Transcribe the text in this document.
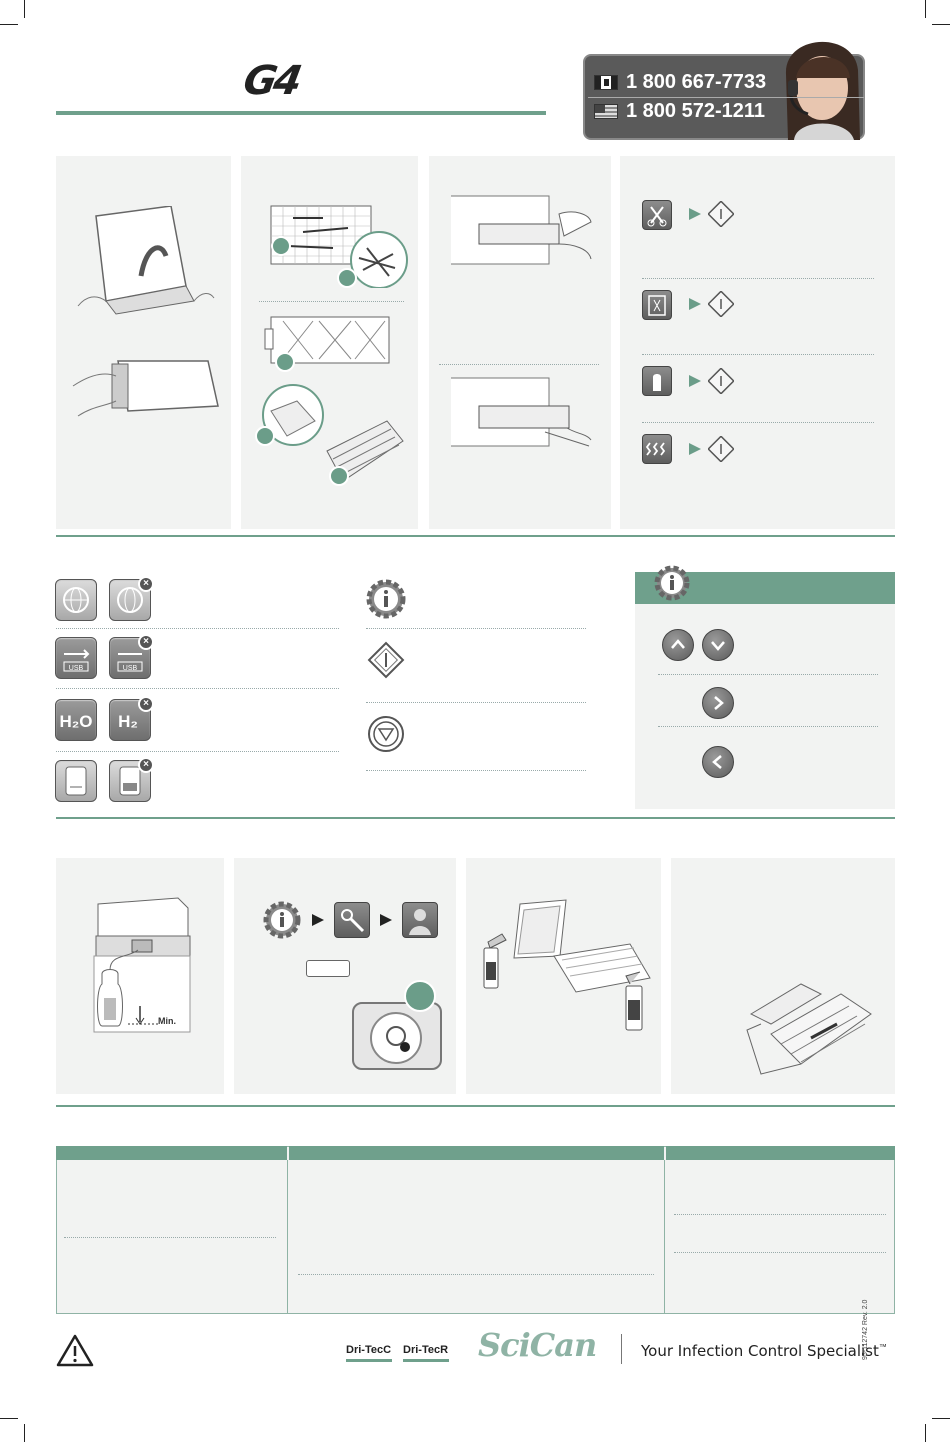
G4	1 800 667-7733
1 800 572-1211
×
USB	USB
×
H₂O H₂
×
×
Min.
Dri-TecC Dri-TecR SciCan	Your Infection Control Specialist™
95-112742 Rev. 2.0
